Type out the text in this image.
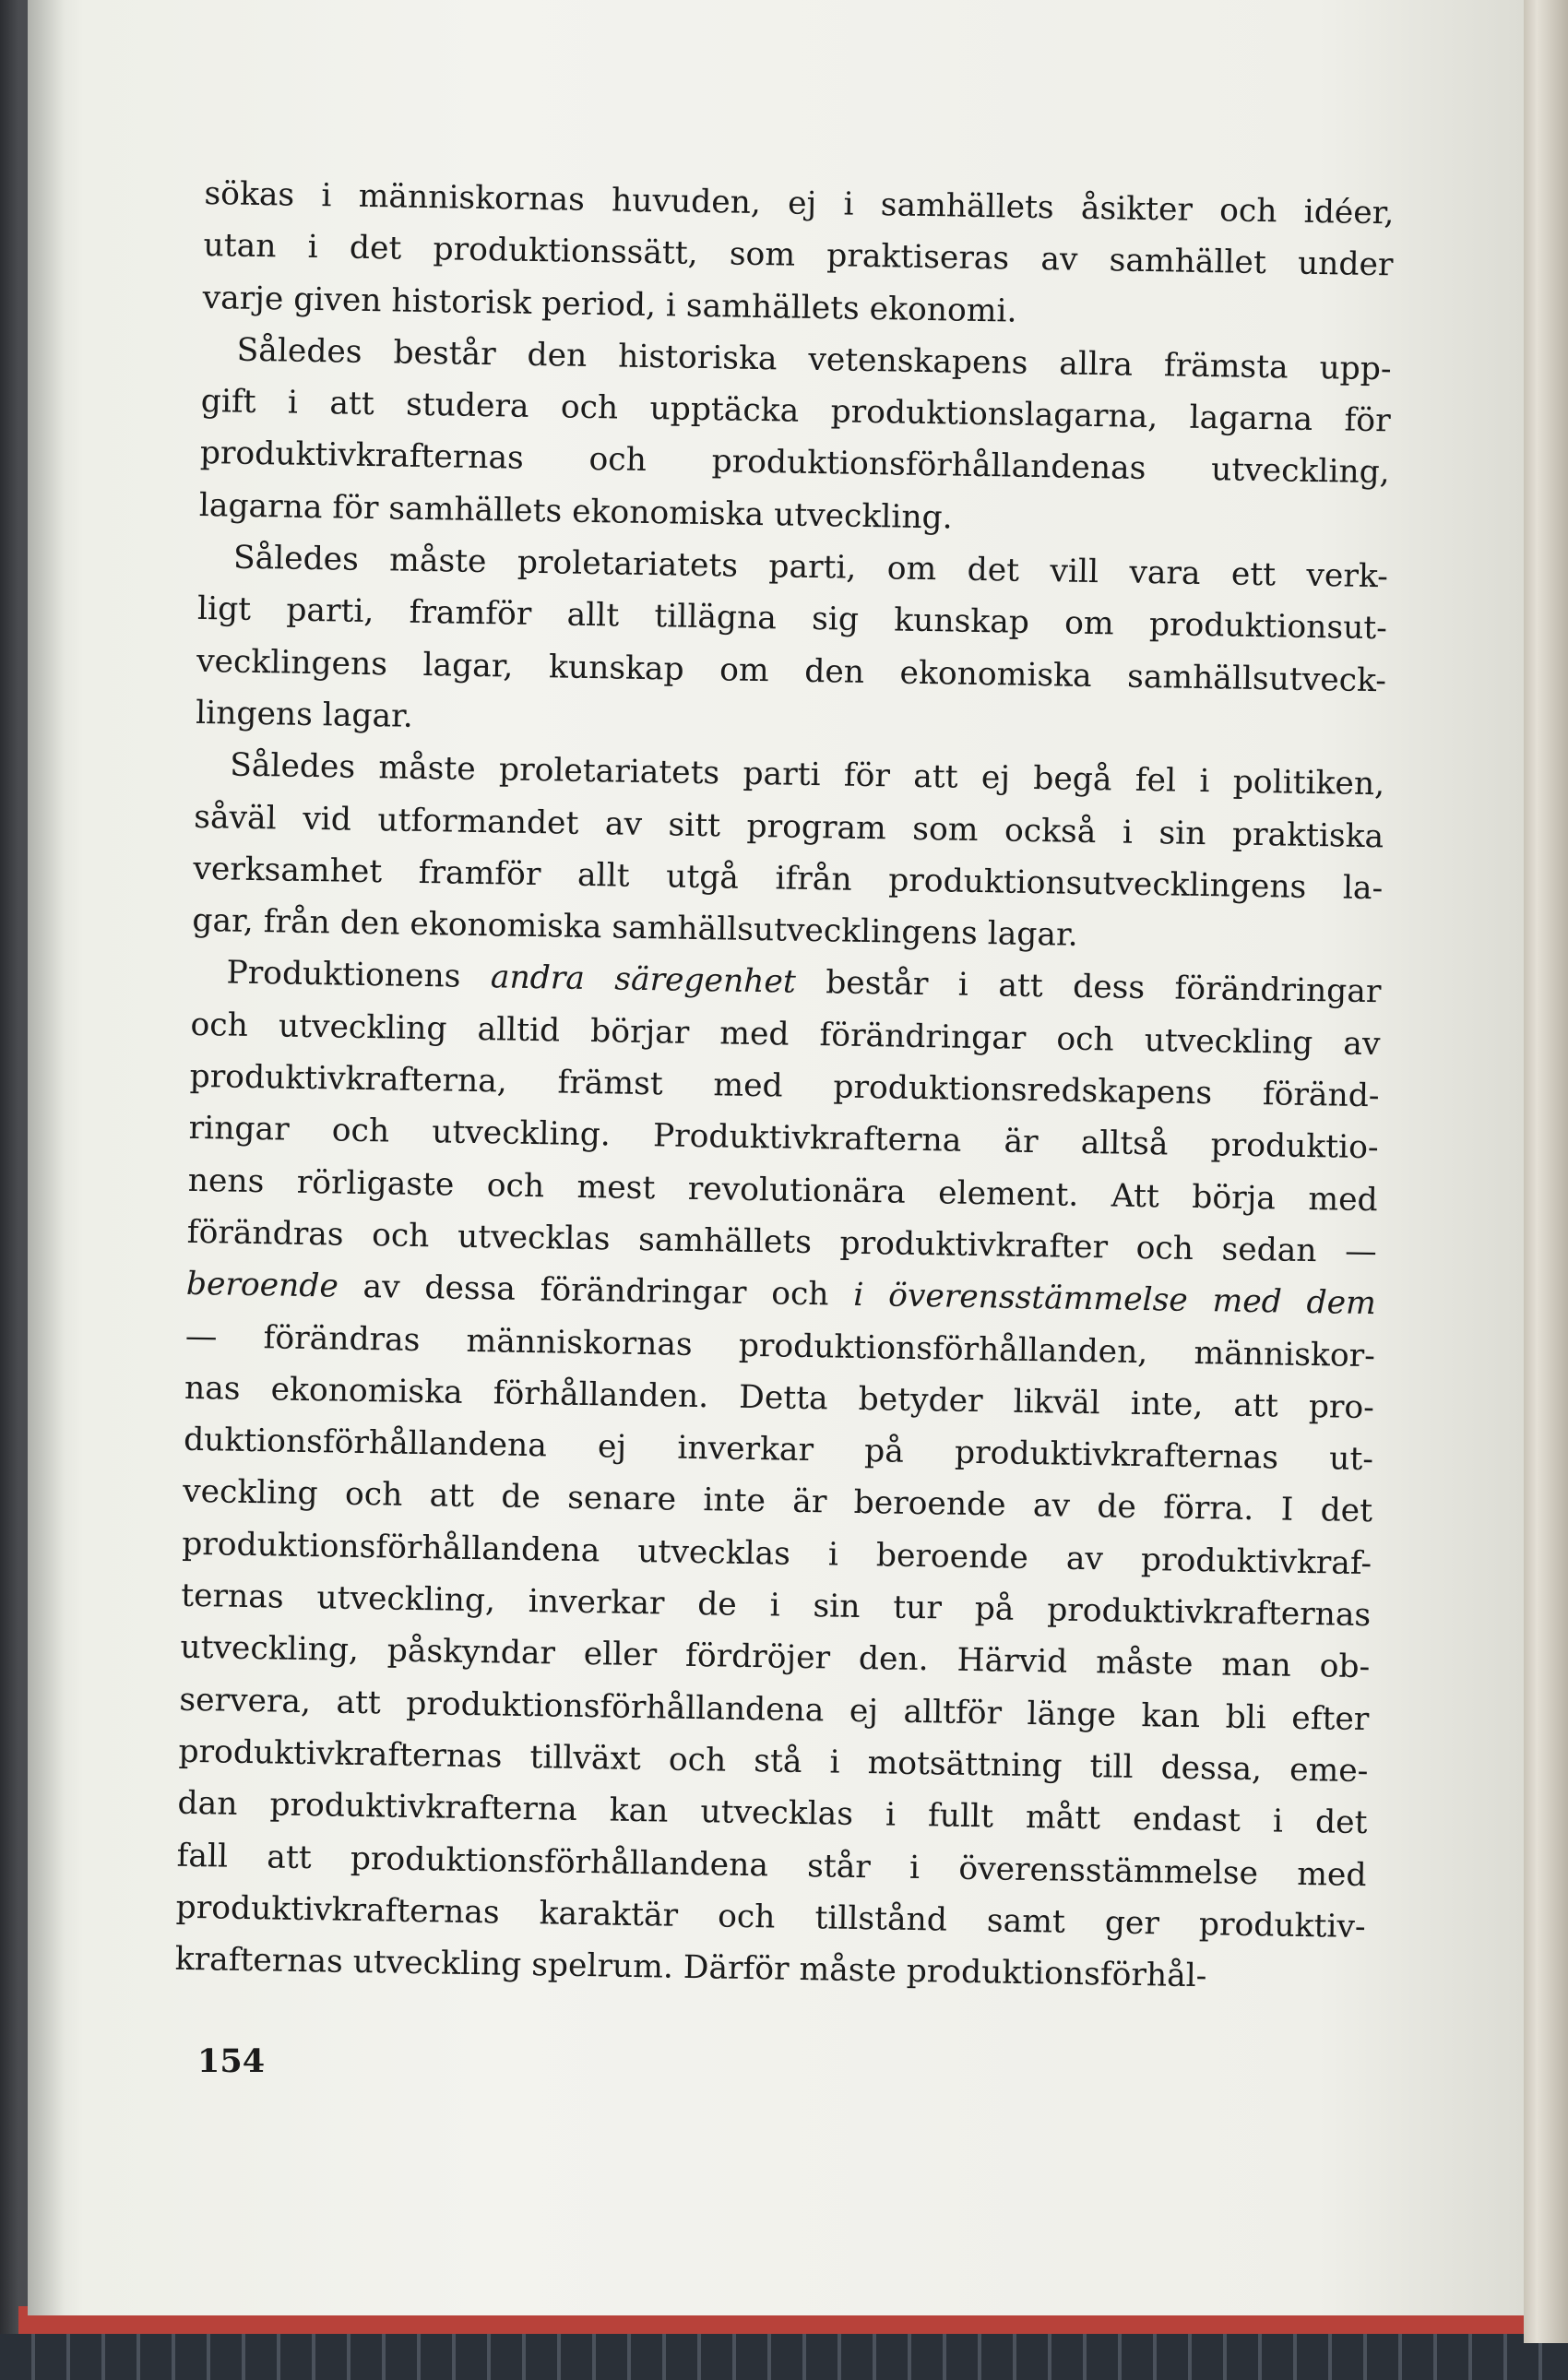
sökas i människornas huvuden, ej i samhällets åsikter och idéer,
utan i det produktionssätt, som praktiseras av samhället under
varje given historisk period, i samhällets ekonomi.
Således består den historiska vetenskapens allra främsta upp-
gift i att studera och upptäcka produktionslagarna, lagarna för
produktivkrafternas och produktionsförhållandenas utveckling,
lagarna för samhällets ekonomiska utveckling.
Således måste proletariatets parti, om det vill vara ett verk-
ligt parti, framför allt tillägna sig kunskap om produktionsut-
vecklingens lagar, kunskap om den ekonomiska samhällsutveck-
lingens lagar.
Således måste proletariatets parti för att ej begå fel i politiken,
såväl vid utformandet av sitt program som också i sin praktiska
verksamhet framför allt utgå ifrån produktionsutvecklingens la-
gar, från den ekonomiska samhällsutvecklingens lagar.
Produktionens andra säregenhet består i att dess förändringar
och utveckling alltid börjar med förändringar och utveckling av
produktivkrafterna, främst med produktionsredskapens föränd-
ringar och utveckling. Produktivkrafterna är alltså produktio-
nens rörligaste och mest revolutionära element. Att börja med
förändras och utvecklas samhällets produktivkrafter och sedan —
beroende av dessa förändringar och i överensstämmelse med dem
— förändras människornas produktionsförhållanden, människor-
nas ekonomiska förhållanden. Detta betyder likväl inte, att pro-
duktionsförhållandena ej inverkar på produktivkrafternas ut-
veckling och att de senare inte är beroende av de förra. I det
produktionsförhållandena utvecklas i beroende av produktivkraf-
ternas utveckling, inverkar de i sin tur på produktivkrafternas
utveckling, påskyndar eller fördröjer den. Härvid måste man ob-
servera, att produktionsförhållandena ej alltför länge kan bli efter
produktivkrafternas tillväxt och stå i motsättning till dessa, eme-
dan produktivkrafterna kan utvecklas i fullt mått endast i det
fall att produktionsförhållandena står i överensstämmelse med
produktivkrafternas karaktär och tillstånd samt ger produktiv-
krafternas utveckling spelrum. Därför måste produktionsförhål-
154
